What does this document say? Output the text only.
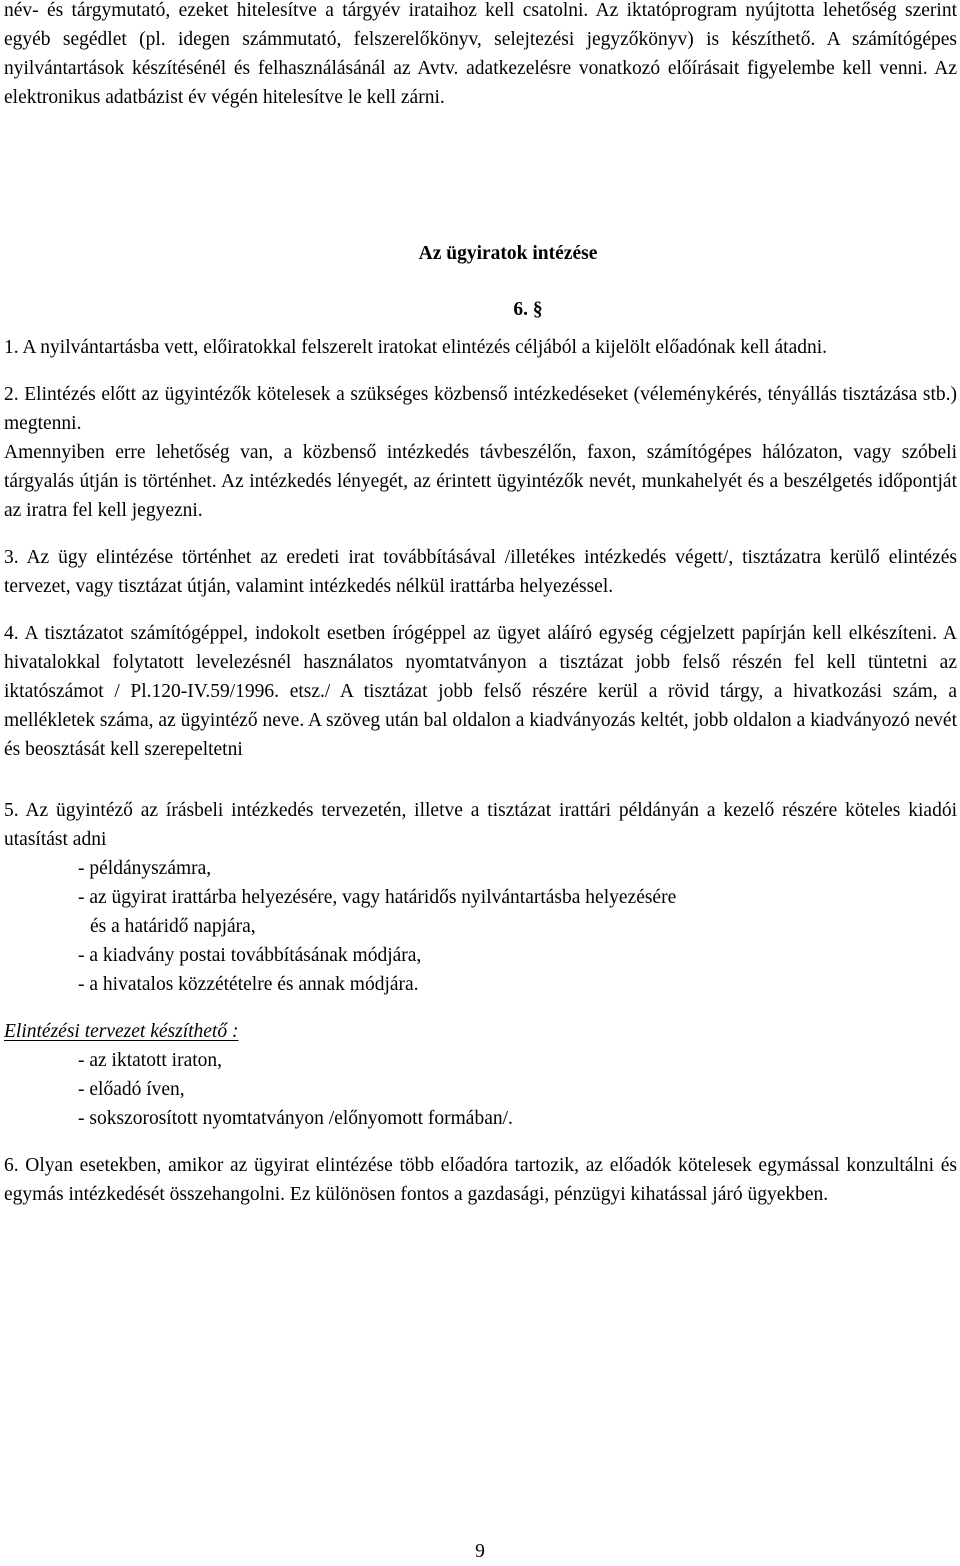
név- és tárgymutató, ezeket hitelesítve a tárgyév irataihoz kell csatolni. Az iktatóprogram nyújtotta lehetőség szerint egyéb segédlet (pl. idegen számmutató, felszerelőkönyv, selejtezési jegyzőkönyv) is készíthető. A számítógépes nyilvántartások készítésénél és felhasználásánál az Avtv. adatkezelésre vonatkozó előírásait figyelembe kell venni. Az elektronikus adatbázist év végén hitelesítve le kell zárni.

Az ügyiratok intézése

6. §

1. A nyilvántartásba vett, előiratokkal felszerelt iratokat elintézés céljából a kijelölt előadónak kell átadni.

2. Elintézés előtt az ügyintézők kötelesek a szükséges közbenső intézkedéseket (véleménykérés, tényállás tisztázása stb.) megtenni.

Amennyiben erre lehetőség van, a közbenső intézkedés távbeszélőn, faxon, számítógépes hálózaton, vagy szóbeli tárgyalás útján is történhet. Az intézkedés lényegét, az érintett ügyintézők nevét, munkahelyét és a beszélgetés időpontját az iratra fel kell jegyezni.

3. Az ügy elintézése történhet az eredeti irat továbbításával /illetékes intézkedés végett/, tisztázatra kerülő elintézés tervezet, vagy tisztázat útján, valamint intézkedés nélkül irattárba helyezéssel.

4. A tisztázatot számítógéppel, indokolt esetben írógéppel az ügyet aláíró egység cégjelzett papírján kell elkészíteni. A hivatalokkal folytatott levelezésnél használatos nyomtatványon a tisztázat jobb felső részén fel kell tüntetni az iktatószámot / Pl.120-IV.59/1996. etsz./ A tisztázat jobb felső részére kerül a rövid tárgy, a hivatkozási szám, a mellékletek száma, az ügyintéző neve. A szöveg után bal oldalon a kiadványozás keltét, jobb oldalon a kiadványozó nevét és beosztását kell szerepeltetni

5. Az ügyintéző az írásbeli intézkedés tervezetén, illetve a tisztázat irattári példányán a kezelő részére köteles kiadói utasítást adni

- példányszámra,
- az ügyirat irattárba helyezésére, vagy határidős nyilvántartásba helyezésére
és a határidő napjára,
- a kiadvány postai továbbításának módjára,
- a hivatalos közzétételre és annak módjára.

Elintézési tervezet készíthető :

- az iktatott iraton,
- előadó íven,
- sokszorosított nyomtatványon /előnyomott formában/.

6. Olyan esetekben, amikor az ügyirat elintézése több előadóra tartozik, az előadók kötelesek egymással konzultálni és egymás intézkedését összehangolni. Ez különösen fontos a gazdasági, pénzügyi kihatással járó ügyekben.

9
